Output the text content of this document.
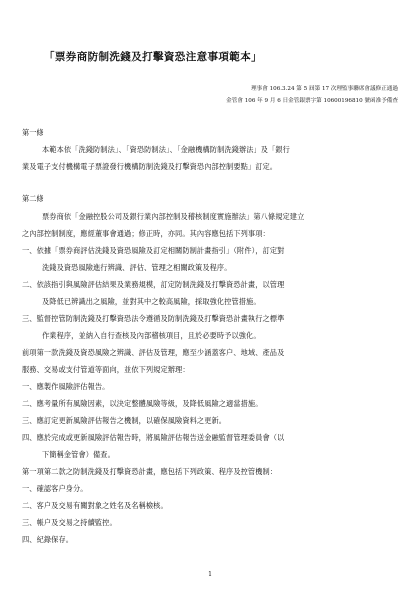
「票券商防制洗錢及打擊資恐注意事項範本」
理事會 106.3.24 第 5 屆第 17 次理監事聯席會議修正通過
金管會 106 年 9 月 6 日金管銀票字第 10600196810 號函准予備查
第一條
本範本依「洗錢防制法」、「資恐防制法」、「金融機構防制洗錢辦法」及「銀行
業及電子支付機構電子票證發行機構防制洗錢及打擊資恐內部控制要點」訂定。
第二條
票券商依「金融控股公司及銀行業內部控制及稽核制度實施辦法」第八條規定建立
之內部控制制度，應經董事會通過；修正時，亦同。其內容應包括下列事項：
一、依據「票券商評估洗錢及資恐風險及訂定相關防制計畫指引」（附件），訂定對
洗錢及資恐風險進行辨識、評估、管理之相關政策及程序。
二、依該指引與風險評估結果及業務規模，訂定防制洗錢及打擊資恐計畫，以管理
及降低已辨識出之風險，並對其中之較高風險，採取強化控管措施。
三、監督控管防制洗錢及打擊資恐法令遵循及防制洗錢及打擊資恐計畫執行之標準
作業程序，並納入自行查核及內部稽核項目，且於必要時予以強化。
前項第一款洗錢及資恐風險之辨識、評估及管理，應至少涵蓋客户、地域、產品及
服務、交易或支付管道等面向，並依下列規定辦理：
一、應製作風險評估報告。
二、應考量所有風險因素，以決定整體風險等級，及降低風險之適當措施。
三、應訂定更新風險評估報告之機制，以確保風險資料之更新。
四、應於完成或更新風險評估報告時，將風險評估報告送金融監督管理委員會（以
下簡稱金管會）備查。
第一項第二款之防制洗錢及打擊資恐計畫，應包括下列政策、程序及控管機制：
一、確認客户身分。
二、客户及交易有關對象之姓名及名稱檢核。
三、帳户及交易之持續監控。
四、紀錄保存。
1
